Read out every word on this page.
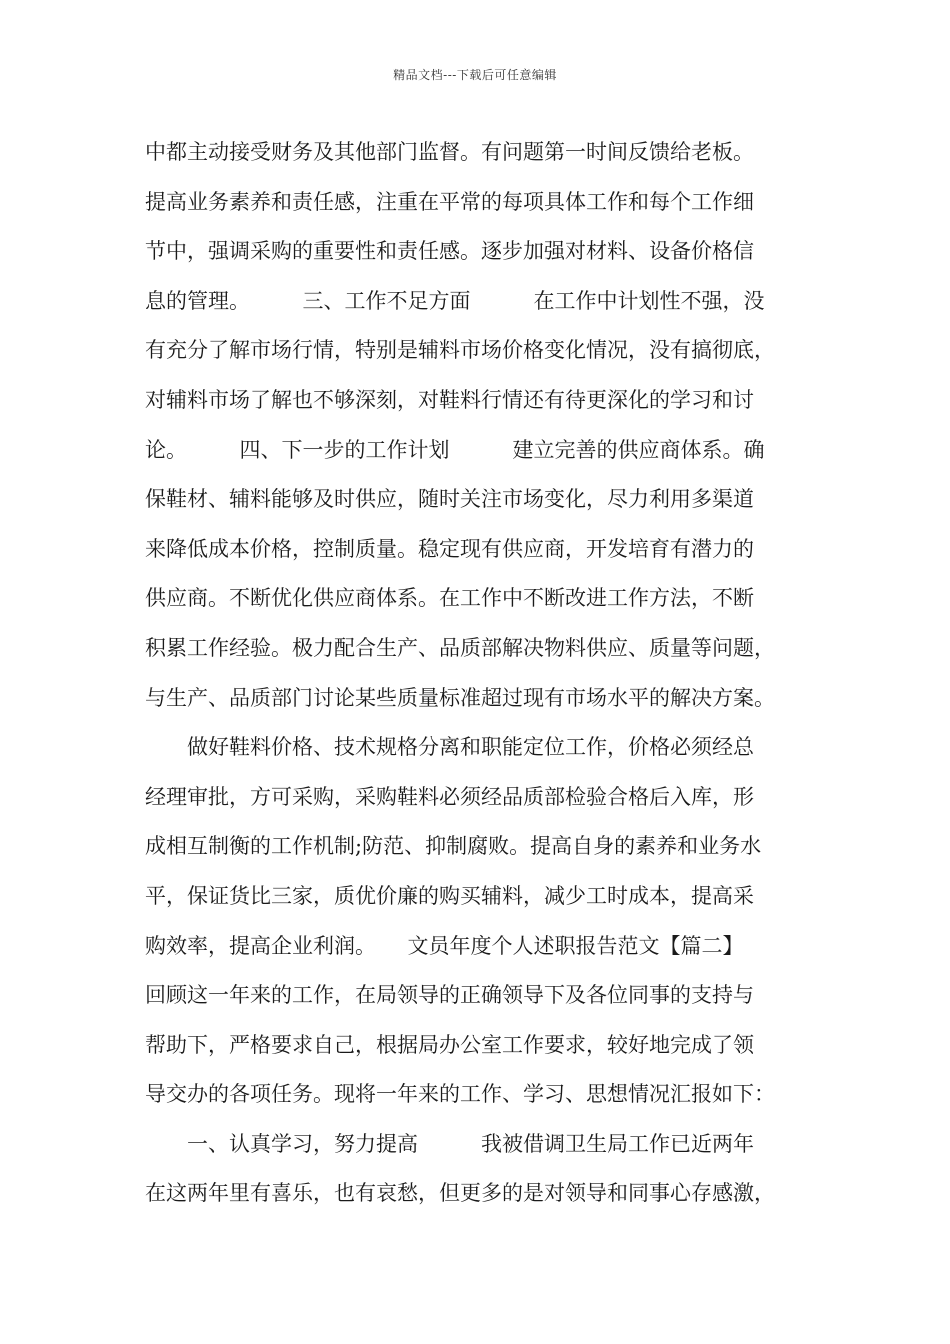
精品文档---下载后可任意编辑
中都主动接受财务及其他部门监督。有问题第一时间反馈给老板。
提高业务素养和责任感，注重在平常的每项具体工作和每个工作细
节中，强调采购的重要性和责任感。逐步加强对材料、设备价格信
息的管理。　　　三、工作不足方面　　　在工作中计划性不强，没
有充分了解市场行情，特别是辅料市场价格变化情况，没有搞彻底，
对辅料市场了解也不够深刻，对鞋料行情还有待更深化的学习和讨
论。　　　四、下一步的工作计划　　　建立完善的供应商体系。确
保鞋材、辅料能够及时供应，随时关注市场变化，尽力利用多渠道
来降低成本价格，控制质量。稳定现有供应商，开发培育有潜力的
供应商。不断优化供应商体系。在工作中不断改进工作方法，不断
积累工作经验。极力配合生产、品质部解决物料供应、质量等问题，
与生产、品质部门讨论某些质量标准超过现有市场水平的解决方案。
　　做好鞋料价格、技术规格分离和职能定位工作，价格必须经总
经理审批，方可采购，采购鞋料必须经品质部检验合格后入库，形
成相互制衡的工作机制;防范、抑制腐败。提高自身的素养和业务水
平，保证货比三家，质优价廉的购买辅料，减少工时成本，提高采
购效率，提高企业利润。　　文员年度个人述职报告范文【篇二】
回顾这一年来的工作，在局领导的正确领导下及各位同事的支持与
帮助下，严格要求自己，根据局办公室工作要求，较好地完成了领
导交办的各项任务。现将一年来的工作、学习、思想情况汇报如下：
　　一、认真学习，努力提高　　　我被借调卫生局工作已近两年
在这两年里有喜乐，也有哀愁，但更多的是对领导和同事心存感激，
